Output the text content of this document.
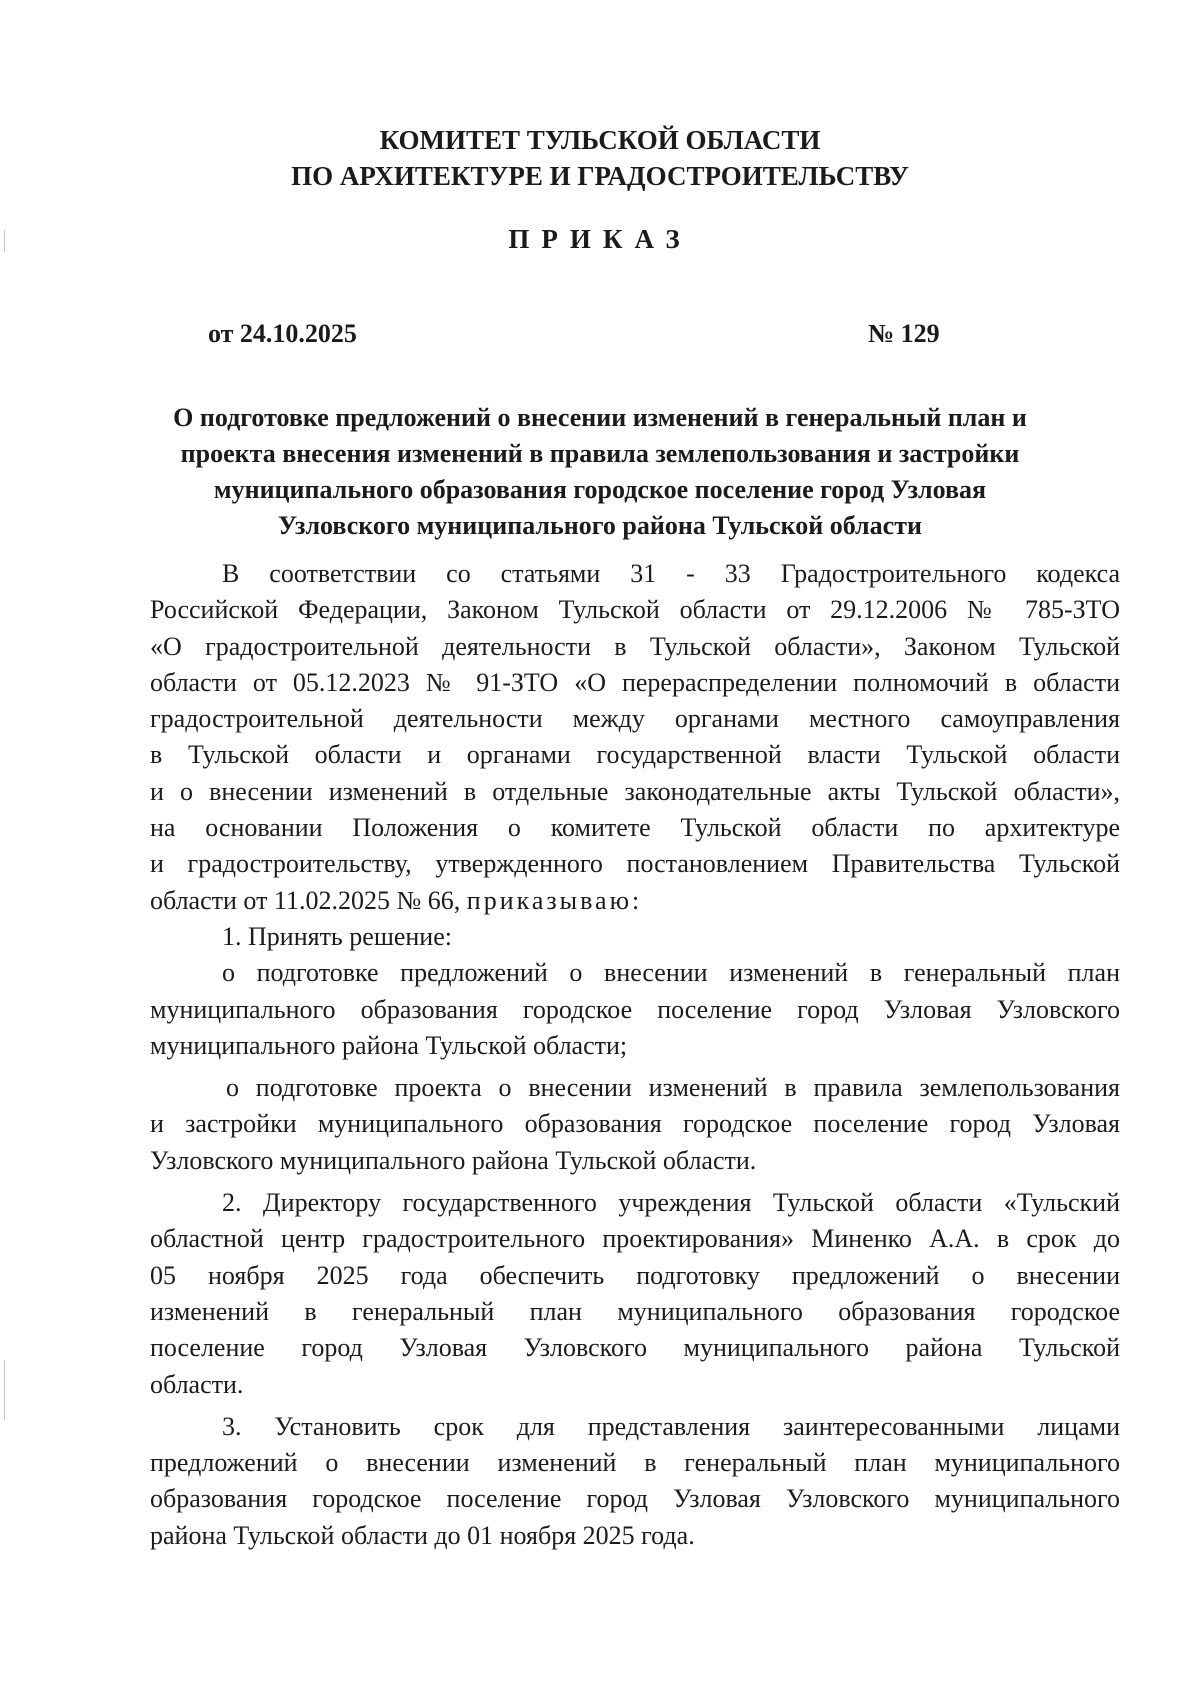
КОМИТЕТ ТУЛЬСКОЙ ОБЛАСТИ
ПО АРХИТЕКТУРЕ И ГРАДОСТРОИТЕЛЬСТВУ
ПРИКАЗ
от 24.10.2025	№ 129
О подготовке предложений о внесении изменений в генеральный план и
проекта внесения изменений в правила землепользования и застройки
муниципального образования городское поселение город Узловая
Узловского муниципального района Тульской области
В соответствии со статьями 31 - 33 Градостроительного кодекса
Российской Федерации, Законом Тульской области от 29.12.2006 № 785-ЗТО
«О градостроительной деятельности в Тульской области», Законом Тульской
области от 05.12.2023 № 91-ЗТО «О перераспределении полномочий в области
градостроительной деятельности между органами местного самоуправления
в Тульской области и органами государственной власти Тульской области
и о внесении изменений в отдельные законодательные акты Тульской области»,
на основании Положения о комитете Тульской области по архитектуре
и градостроительству, утвержденного постановлением Правительства Тульской
области от 11.02.2025 № 66, приказываю:
1. Принять решение:
о подготовке предложений о внесении изменений в генеральный план
муниципального образования городское поселение город Узловая Узловского
муниципального района Тульской области;
о подготовке проекта о внесении изменений в правила землепользования
и застройки муниципального образования городское поселение город Узловая
Узловского муниципального района Тульской области.
2. Директору государственного учреждения Тульской области «Тульский
областной центр градостроительного проектирования» Миненко А.А. в срок до
05 ноября 2025 года обеспечить подготовку предложений о внесении
изменений в генеральный план муниципального образования городское
поселение город Узловая Узловского муниципального района Тульской
области.
3. Установить срок для представления заинтересованными лицами
предложений о внесении изменений в генеральный план муниципального
образования городское поселение город Узловая Узловского муниципального
района Тульской области до 01 ноября 2025 года.
